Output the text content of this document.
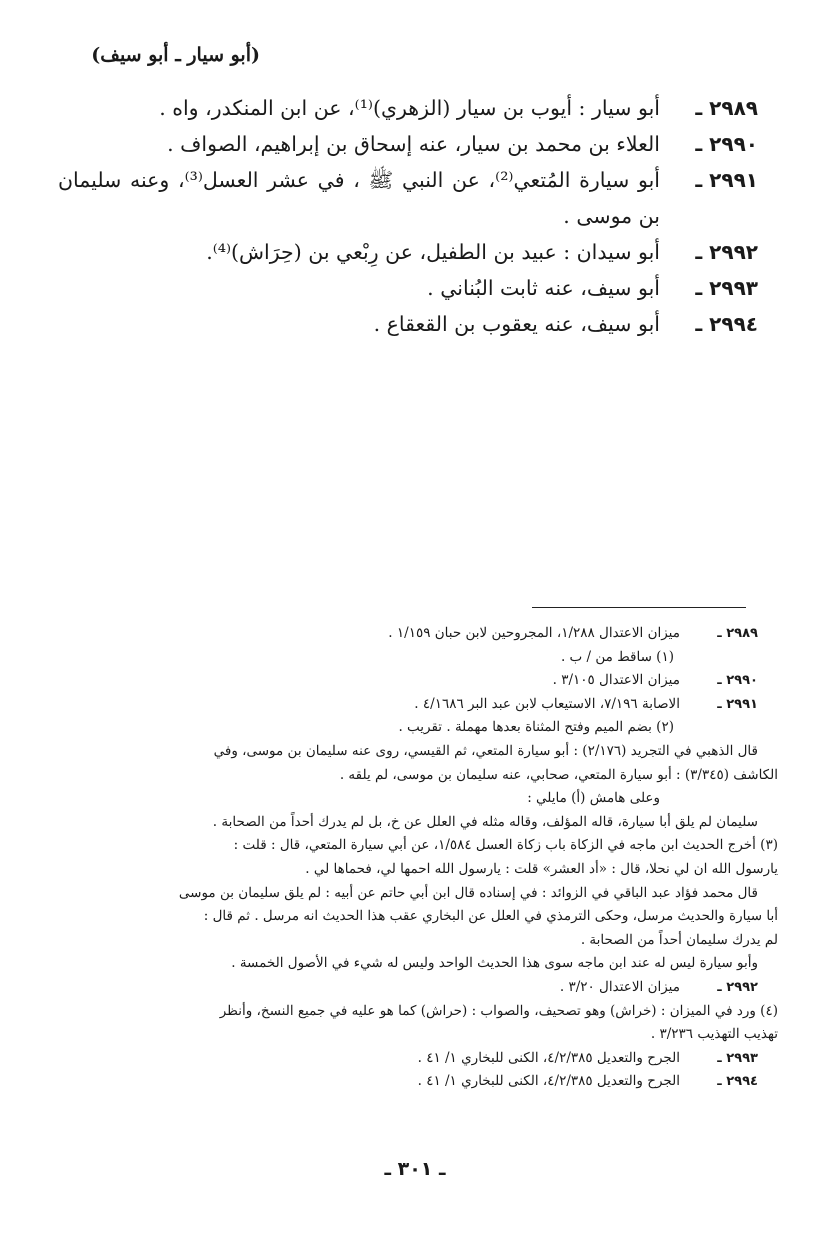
(أبو سيار ـ أبو سيف)
٢٩٨٩ ـ
أبو سيار : أيوب بن سيار (الزهري)⁽¹⁾، عن ابن المنكدر، واه .
٢٩٩٠ ـ
العلاء بن محمد بن سيار، عنه إسحاق بن إبراهيم، الصواف .
٢٩٩١ ـ
أبو سيارة المُتعي⁽²⁾، عن النبي ﷺ ، في عشر العسل⁽³⁾، وعنه سليمان بن موسى .
٢٩٩٢ ـ
أبو سيدان : عبيد بن الطفيل، عن رِبْعي بن (حِرَاش)⁽⁴⁾.
٢٩٩٣ ـ
أبو سيف، عنه ثابت البُناني .
٢٩٩٤ ـ
أبو سيف، عنه يعقوب بن القعقاع .
٢٩٨٩ ـ
ميزان الاعتدال ١/٢٨٨، المجروحين لابن حبان ١/١٥٩ .
(١) ساقط من / ب .
٢٩٩٠ ـ
ميزان الاعتدال ٣/١٠٥ .
٢٩٩١ ـ
الاصابة ٧/١٩٦، الاستيعاب لابن عبد البر ٤/١٦٨٦ .
(٢) بضم الميم وفتح المثناة بعدها مهملة . تقريب .
قال الذهبي في التجريد (٢/١٧٦) : أبو سيارة المتعي، ثم القيسي، روى عنه سليمان بن موسى، وفي
الكاشف (٣/٣٤٥) : أبو سيارة المتعي، صحابي، عنه سليمان بن موسى، لم يلقه .
وعلى هامش (أ) مايلي :
سليمان لم يلق أبا سيارة، قاله المؤلف، وقاله مثله في العلل عن خ، بل لم يدرك أحداً من الصحابة .
(٣) أخرج الحديث ابن ماجه في الزكاة باب زكاة العسل ١/٥٨٤، عن أبي سيارة المتعي، قال : قلت :
يارسول الله ان لي نحلا، قال : «أد العشر» قلت : يارسول الله احمها لي، فحماها لي .
قال محمد فؤاد عبد الباقي في الزوائد : في إسناده قال ابن أبي حاتم عن أبيه : لم يلق سليمان بن موسى
أبا سيارة والحديث مرسل، وحكى الترمذي في العلل عن البخاري عقب هذا الحديث انه مرسل . ثم قال :
لم يدرك سليمان أحداً من الصحابة .
وأبو سيارة ليس له عند ابن ماجه سوى هذا الحديث الواحد وليس له شيء في الأصول الخمسة .
٢٩٩٢ ـ
ميزان الاعتدال ٣/٢٠ .
(٤) ورد في الميزان : (خراش) وهو تصحيف، والصواب : (حراش) كما هو عليه في جميع النسخ، وأنظر
تهذيب التهذيب ٣/٢٣٦ .
٢٩٩٣ ـ
الجرح والتعديل ٤/٢/٣٨٥، الكنى للبخاري ١/ ٤١ .
٢٩٩٤ ـ
الجرح والتعديل ٤/٢/٣٨٥، الكنى للبخاري ١/ ٤١ .
ـ ٣٠١ ـ
